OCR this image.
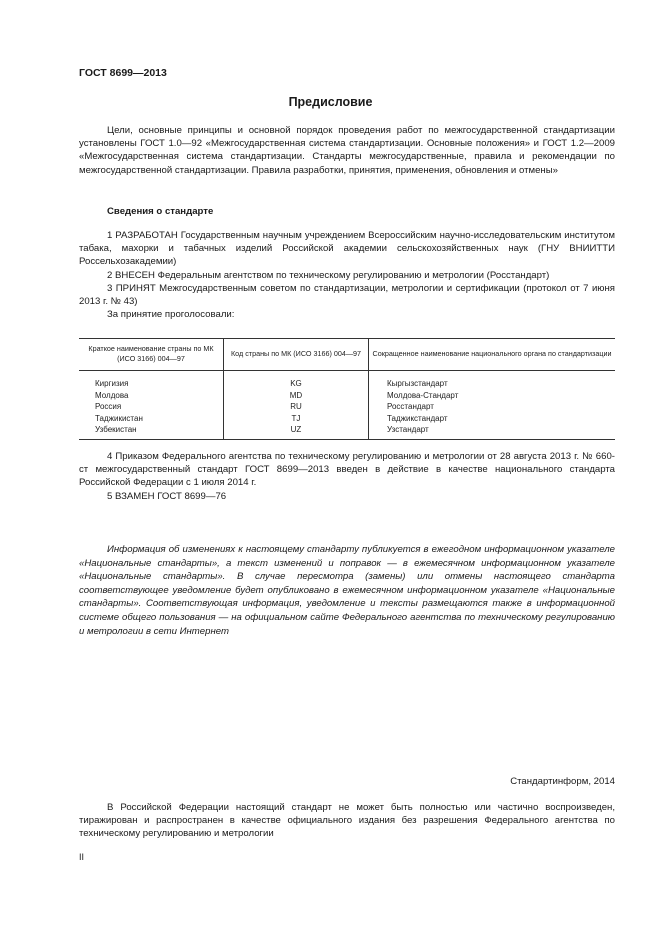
ГОСТ 8699—2013
Предисловие

Цели, основные принципы и основной порядок проведения работ по межгосударственной стандартизации установлены ГОСТ 1.0—92 «Межгосударственная система стандартизации. Основные положения» и ГОСТ 1.2—2009 «Межгосударственная система стандартизации. Стандарты межгосударственные, правила и рекомендации по межгосударственной стандартизации. Правила разработки, принятия, применения, обновления и отмены»

Сведения о стандарте

1 РАЗРАБОТАН Государственным научным учреждением Всероссийским научно-исследовательским институтом табака, махорки и табачных изделий Российской академии сельскохозяйственных наук (ГНУ ВНИИТТИ Россельхозакадемии)

2 ВНЕСЕН Федеральным агентством по техническому регулированию и метрологии (Росстандарт)

3 ПРИНЯТ Межгосударственным советом по стандартизации, метрологии и сертификации (протокол от 7 июня 2013 г. № 43)

За принятие проголосовали:

Краткое наименование страны по МК (ИСО 3166) 004—97	Код страны по МК (ИСО 3166) 004—97	Сокращенное наименование национального органа по стандартизации
Киргизия	KG	Кыргызстандарт
Молдова	MD	Молдова-Стандарт
Россия	RU	Росстандарт
Таджикистан	TJ	Таджикстандарт
Узбекистан	UZ	Узстандарт

4 Приказом Федерального агентства по техническому регулированию и метрологии от 28 августа 2013 г. № 660-ст межгосударственный стандарт ГОСТ 8699—2013 введен в действие в качестве национального стандарта Российской Федерации с 1 июля 2014 г.

5 ВЗАМЕН ГОСТ 8699—76

Информация об изменениях к настоящему стандарту публикуется в ежегодном информационном указателе «Национальные стандарты», а текст изменений и поправок — в ежемесячном информационном указателе «Национальные стандарты». В случае пересмотра (замены) или отмены настоящего стандарта соответствующее уведомление будет опубликовано в ежемесячном информационном указателе «Национальные стандарты». Соответствующая информация, уведомление и тексты размещаются также в информационной системе общего пользования — на официальном сайте Федерального агентства по техническому регулированию и метрологии в сети Интернет

Стандартинформ, 2014

В Российской Федерации настоящий стандарт не может быть полностью или частично воспроизведен, тиражирован и распространен в качестве официального издания без разрешения Федерального агентства по техническому регулированию и метрологии

II
